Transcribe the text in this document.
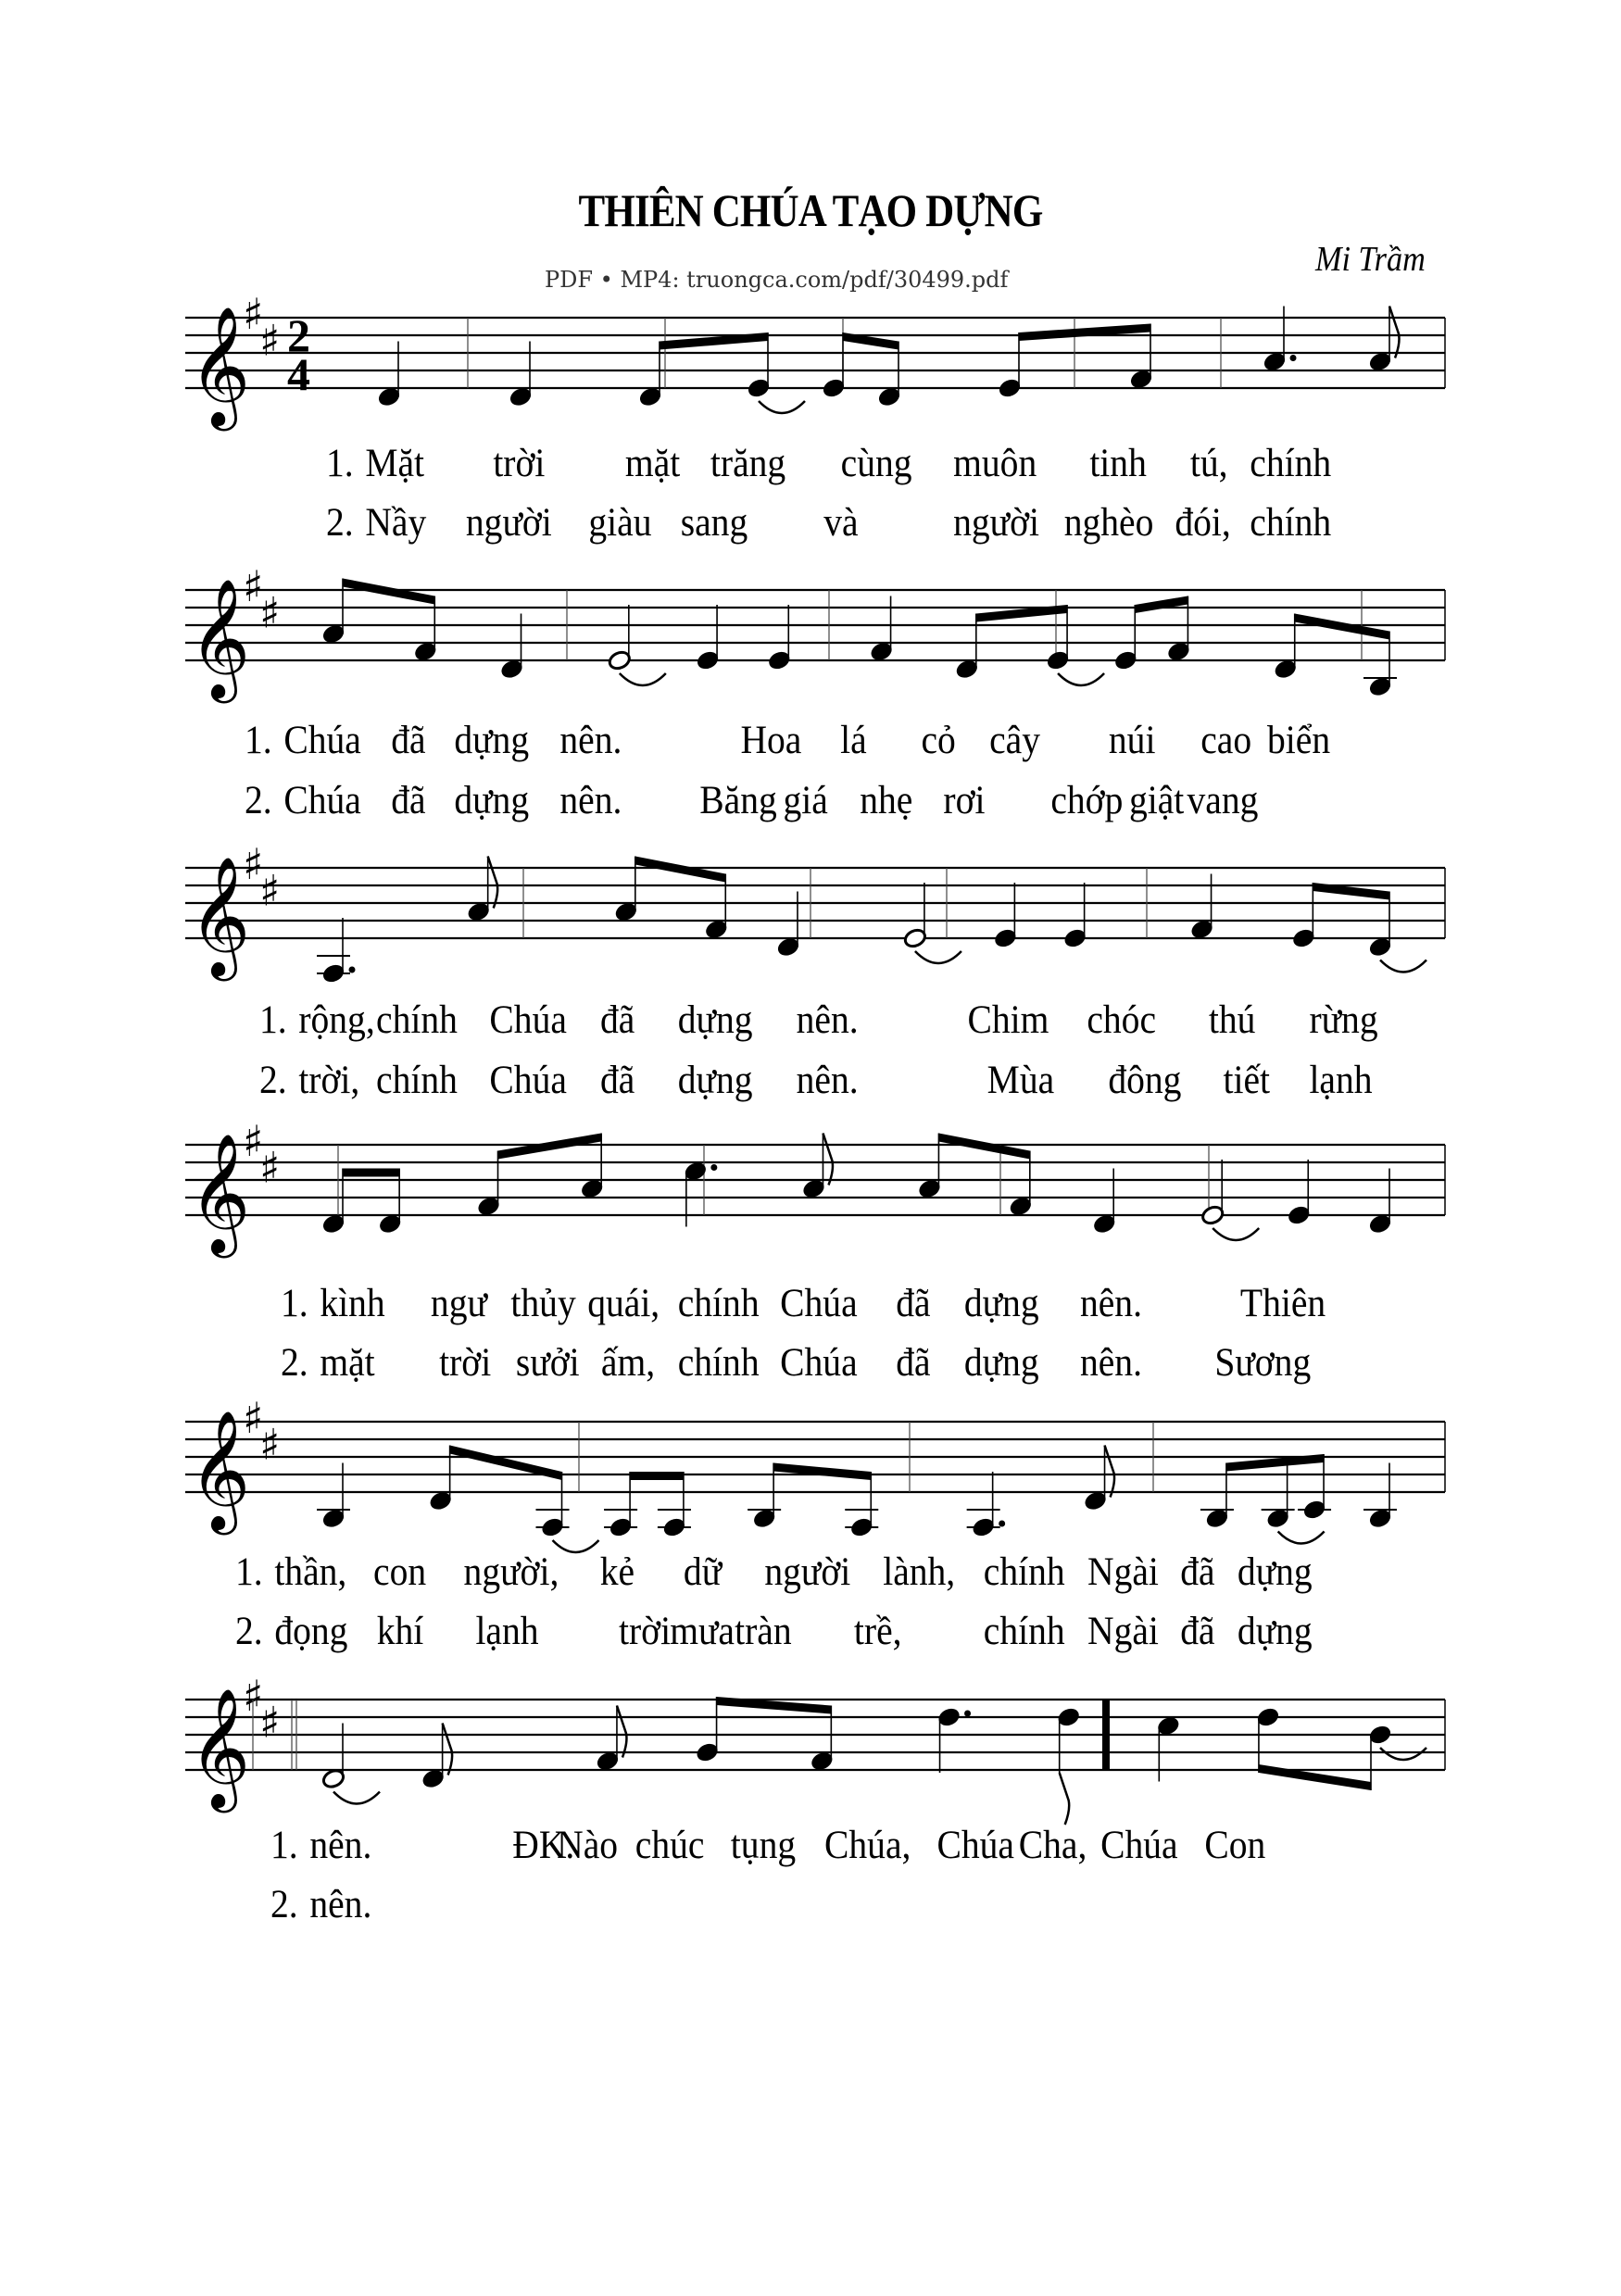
THIÊN CHÚA TẠO DỰNG
Mi Trầm
PDF • MP4: truongca.com/pdf/30499.pdf
𝄞
♯
♯ 2
4
𝄞
♯
♯
𝄞
♯
♯
𝄞
♯
♯
𝄞
♯
♯
𝄞
♯
♯
1. Mặt trời mặt trăng cùng muôn tinh tú, chính
2. Nầy người giàu sang và người nghèo đói, chính
1. Chúa đã dựng nên.	Hoa lá cỏ cây núi cao biển
2. Chúa đã dựng nên. Băng giá nhẹ rơi chớp giật vang
1. rộng, chính Chúa đã dựng nên.	Chim chóc thú rừng
2. trời, chính Chúa đã dựng nên.	Mùa đông tiết lạnh
1. kình ngư thủy quái, chính Chúa đã dựng nên. Thiên
2. mặt trời sưởi ấm, chính Chúa đã dựng nên. Sương
1. thần, con người, kẻ dữ người lành, chính Ngài đã dựng
2. đọng khí lạnh trời mưa tràn trề, chính Ngài đã dựng
1. nên.	ĐK.
Nào chúc tụng Chúa, Chúa Cha, Chúa Con
2. nên.
